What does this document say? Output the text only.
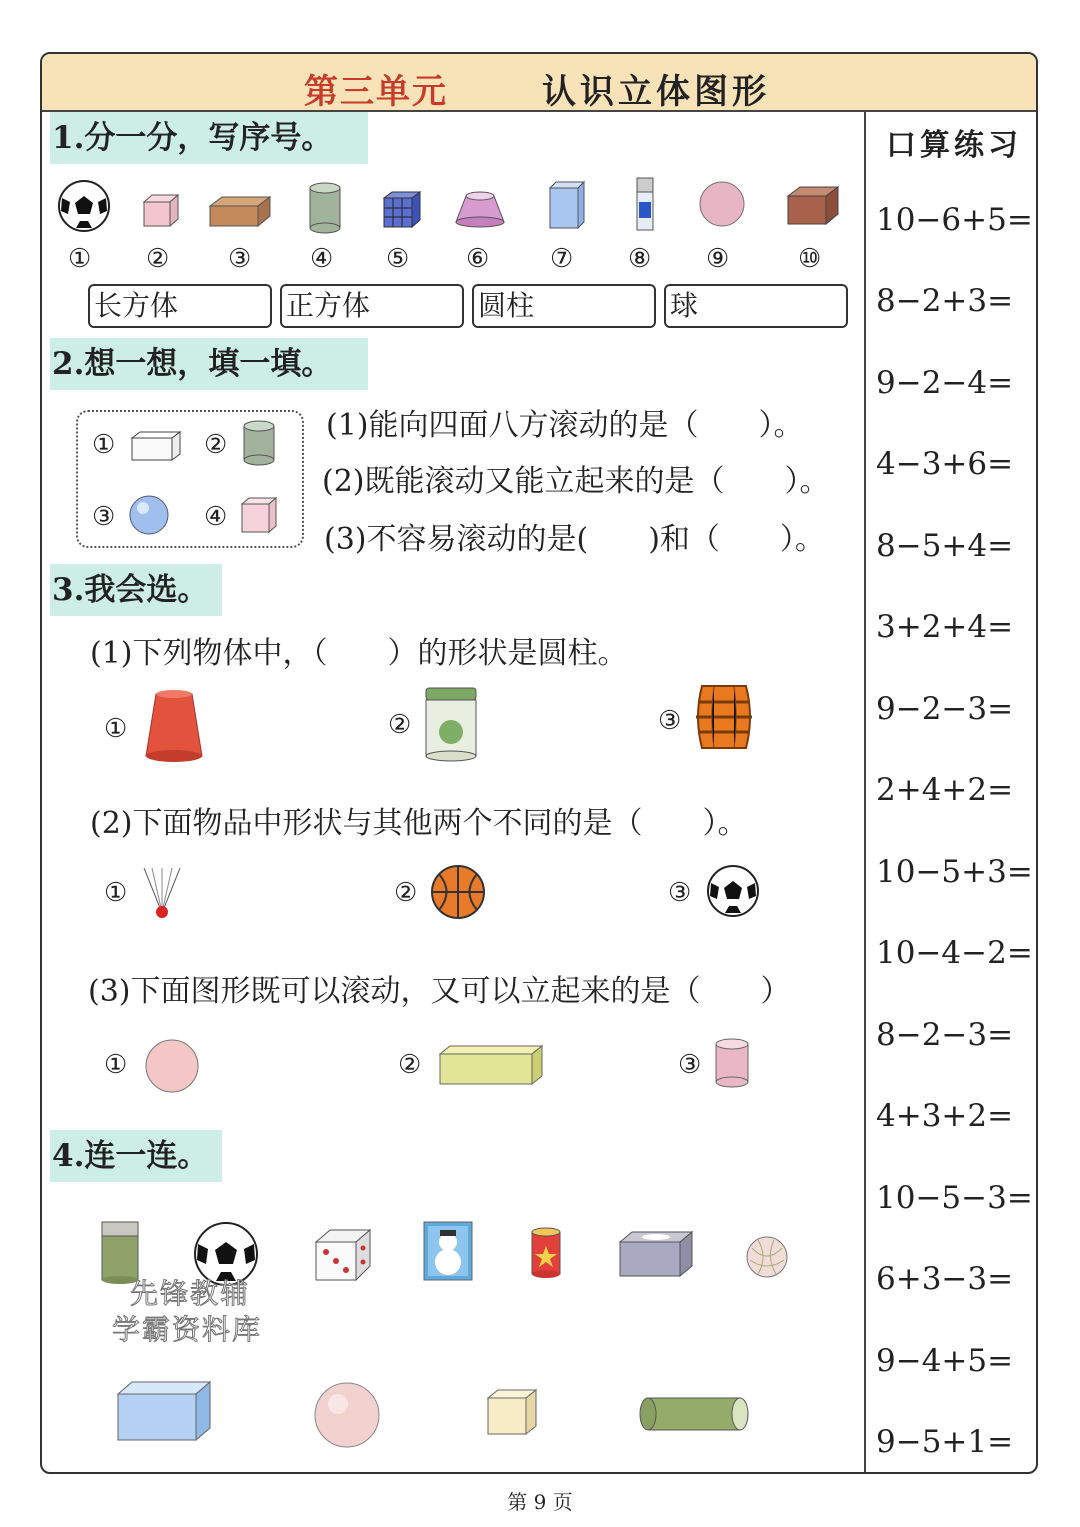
第三单元	认识立体图形
口算练习
10−6+5=
8−2+3=
9−2−4=
4−3+6=
8−5+4=
3+2+4=
9−2−3=
2+4+2=
10−5+3=
10−4−2=
8−2−3=
4+3+2=
10−5−3=
6+3−3=
9−4+5=
9−5+1=
1.分一分，写序号。
① ② ③ ④ ⑤ ⑥ ⑦ ⑧ ⑨	⑩
长方体	正方体	圆柱	球
2.想一想，填一填。
①	②
③	④
(1)能向四面八方滚动的是（　　）。
(2)既能滚动又能立起来的是（　　）。
(3)不容易滚动的是(　　)和（　　）。
3.我会选。
(1)下列物体中，（　　）的形状是圆柱。
①	②	③
(2)下面物品中形状与其他两个不同的是（　　）。
①	②	③
(3)下面图形既可以滚动，又可以立起来的是（　　）
①	②	③
4.连一连。
先锋教辅
学霸资料库
第 9 页
